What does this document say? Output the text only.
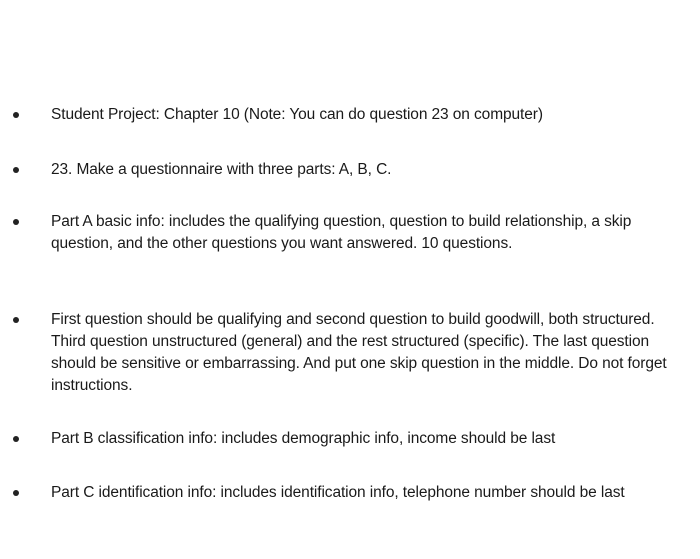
Student Project: Chapter 10 (Note: You can do question 23 on computer)
23. Make a questionnaire with three parts: A, B, C.
Part A basic info: includes the qualifying question, question to build relationship, a skip question, and the other questions you want answered. 10 questions.
First question should be qualifying and second question to build goodwill, both structured. Third question unstructured (general) and the rest structured (specific). The last question should be sensitive or embarrassing. And put one skip question in the middle. Do not forget instructions.
Part B classification info: includes demographic info, income should be last
Part C identification info: includes identification info, telephone number should be last
